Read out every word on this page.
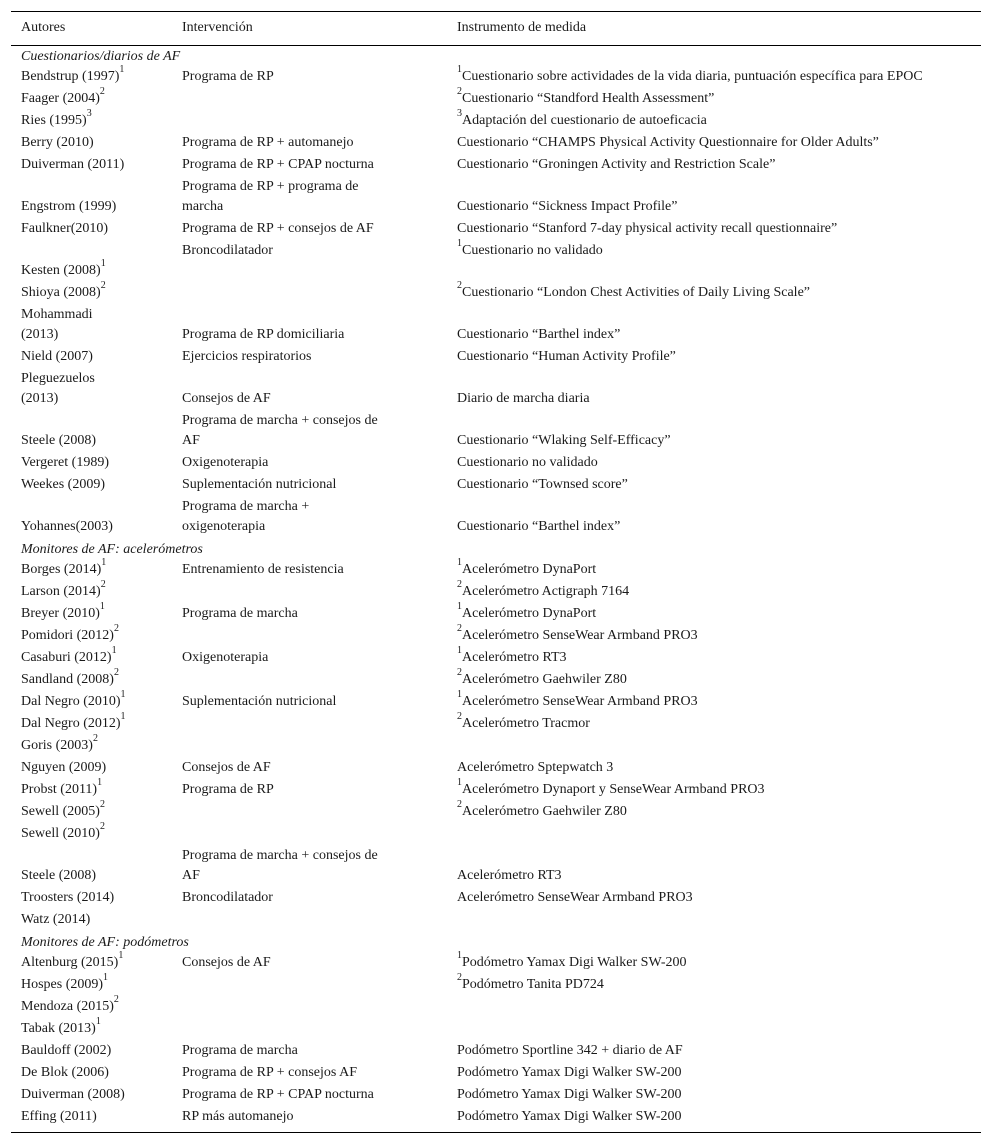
Autores	Intervención	Instrumento de medida
Cuestionarios/diarios de AF		

Bendstrup $(1997)^1$	Programa de RP	$^1$Cuestionario sobre actividades de la vida diaria, puntuación específica para EPOC

Faager $(2004)^2$		$^2$Cuestionario “Standford Health Assessment”

Ries $(1995)^3$		$^3$Adaptación del cuestionario de autoeficacia

Berry (2010)	Programa de RP + automanejo	Cuestionario “CHAMPS Physical Activity Questionnaire for Older Adults”

Duiverman (2011)	Programa de RP + CPAP nocturna	Cuestionario “Groningen Activity and Restriction Scale”

Engstrom (1999)	Programa de RP + programa de
marcha	Cuestionario “Sickness Impact Profile”

Faulkner(2010)	Programa de RP + consejos de AF	Cuestionario “Stanford 7-day physical activity recall questionnaire”

Kesten $(2008)^1$	Broncodilatador	$^1$Cuestionario no validado

Shioya $(2008)^2$		$^2$Cuestionario “London Chest Activities of Daily Living Scale”

Mohammadi
(2013)	Programa de RP domiciliaria	Cuestionario “Barthel index”

Nield (2007)	Ejercicios respiratorios	Cuestionario “Human Activity Profile”

Pleguezuelos
(2013)	Consejos de AF	Diario de marcha diaria

Steele (2008)	Programa de marcha + consejos de
AF	Cuestionario “Wlaking Self-Efficacy”

Vergeret (1989)	Oxigenoterapia	Cuestionario no validado

Weekes (2009)	Suplementación nutricional	Cuestionario “Townsed score”

Yohannes(2003)	Programa de marcha +
oxigenoterapia	Cuestionario “Barthel index”

Monitores de AF: acelerómetros		

Borges $(2014)^1$	Entrenamiento de resistencia	$^1$Acelerómetro DynaPort

Larson $(2014)^2$		$^2$Acelerómetro Actigraph 7164

Breyer $(2010)^1$	Programa de marcha	$^1$Acelerómetro DynaPort

Pomidori $(2012)^2$		$^2$Acelerómetro SenseWear Armband PRO3

Casaburi $(2012)^1$	Oxigenoterapia	$^1$Acelerómetro RT3

Sandland $(2008)^2$		$^2$Acelerómetro Gaehwiler Z80

Dal Negro $(2010)^1$	Suplementación nutricional	$^1$Acelerómetro SenseWear Armband PRO3

Dal Negro $(2012)^1$		$^2$Acelerómetro Tracmor

Goris $(2003)^2$

Nguyen (2009)	Consejos de AF	Acelerómetro Sptepwatch 3

Probst $(2011)^1$	Programa de RP	$^1$Acelerómetro Dynaport y SenseWear Armband PRO3

Sewell $(2005)^2$		$^2$Acelerómetro Gaehwiler Z80

Sewell $(2010)^2$

Steele (2008)	Programa de marcha + consejos de
AF	Acelerómetro RT3

Troosters (2014)	Broncodilatador	Acelerómetro SenseWear Armband PRO3

Watz (2014)		

Monitores de AF: podómetros		

Altenburg $(2015)^1$	Consejos de AF	$^1$Podómetro Yamax Digi Walker SW-200

Hospes $(2009)^1$		$^2$Podómetro Tanita PD724

Mendoza $(2015)^2$

Tabak $(2013)^1$

Bauldoff (2002)	Programa de marcha	Podómetro Sportline 342 + diario de AF

De Blok (2006)	Programa de RP + consejos AF	Podómetro Yamax Digi Walker SW-200

Duiverman (2008)	Programa de RP + CPAP nocturna	Podómetro Yamax Digi Walker SW-200

Effing (2011)	RP más automanejo	Podómetro Yamax Digi Walker SW-200
